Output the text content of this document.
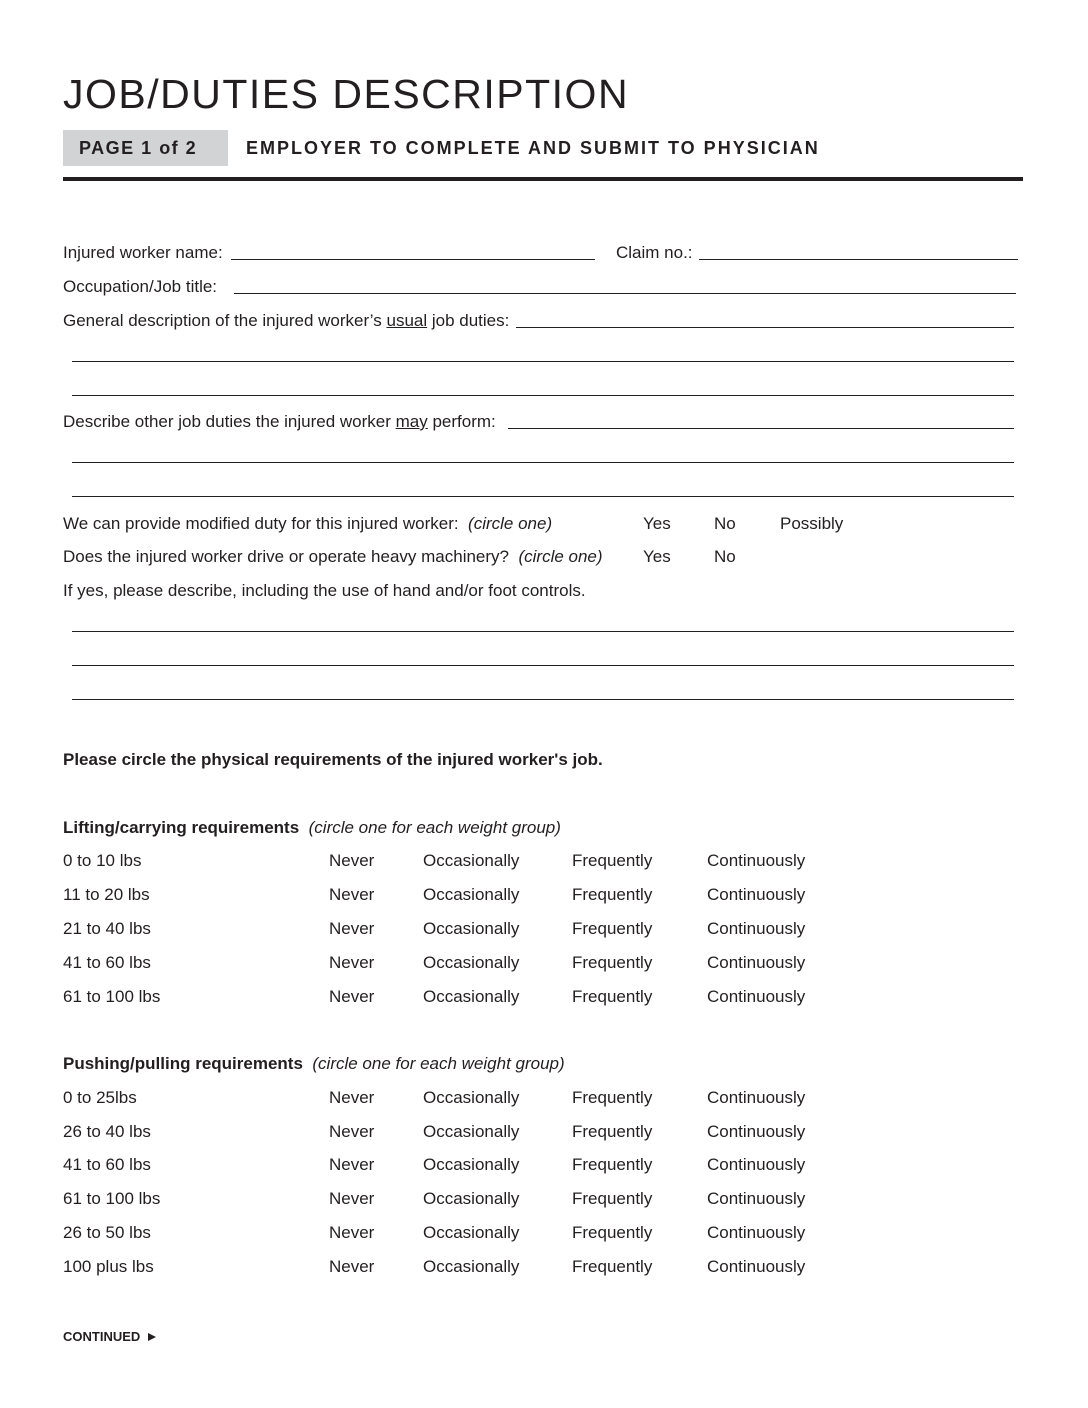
JOB/DUTIES DESCRIPTION
PAGE 1 of 2	EMPLOYER TO COMPLETE AND SUBMIT TO PHYSICIAN
Injured worker name:	Claim no.:
Occupation/Job title:
General description of the injured worker’s usual job duties:
Describe other job duties the injured worker may perform:
We can provide modified duty for this injured worker: (circle one)	Yes	No	Possibly
Does the injured worker drive or operate heavy machinery? (circle one) Yes	No
If yes, please describe, including the use of hand and/or foot controls.
Please circle the physical requirements of the injured worker's job.
Lifting/carrying requirements (circle one for each weight group)
0 to 10 lbs	Never	Occasionally	Frequently	Continuously
11 to 20 lbs	Never	Occasionally	Frequently	Continuously
21 to 40 lbs	Never	Occasionally	Frequently	Continuously
41 to 60 lbs	Never	Occasionally	Frequently	Continuously
61 to 100 lbs	Never	Occasionally	Frequently	Continuously
Pushing/pulling requirements (circle one for each weight group)
0 to 25lbs	Never	Occasionally	Frequently	Continuously
26 to 40 lbs	Never	Occasionally	Frequently	Continuously
41 to 60 lbs	Never	Occasionally	Frequently	Continuously
61 to 100 lbs	Never	Occasionally	Frequently	Continuously
26 to 50 lbs	Never	Occasionally	Frequently	Continuously
100 plus lbs	Never	Occasionally	Frequently	Continuously
CONTINUED
